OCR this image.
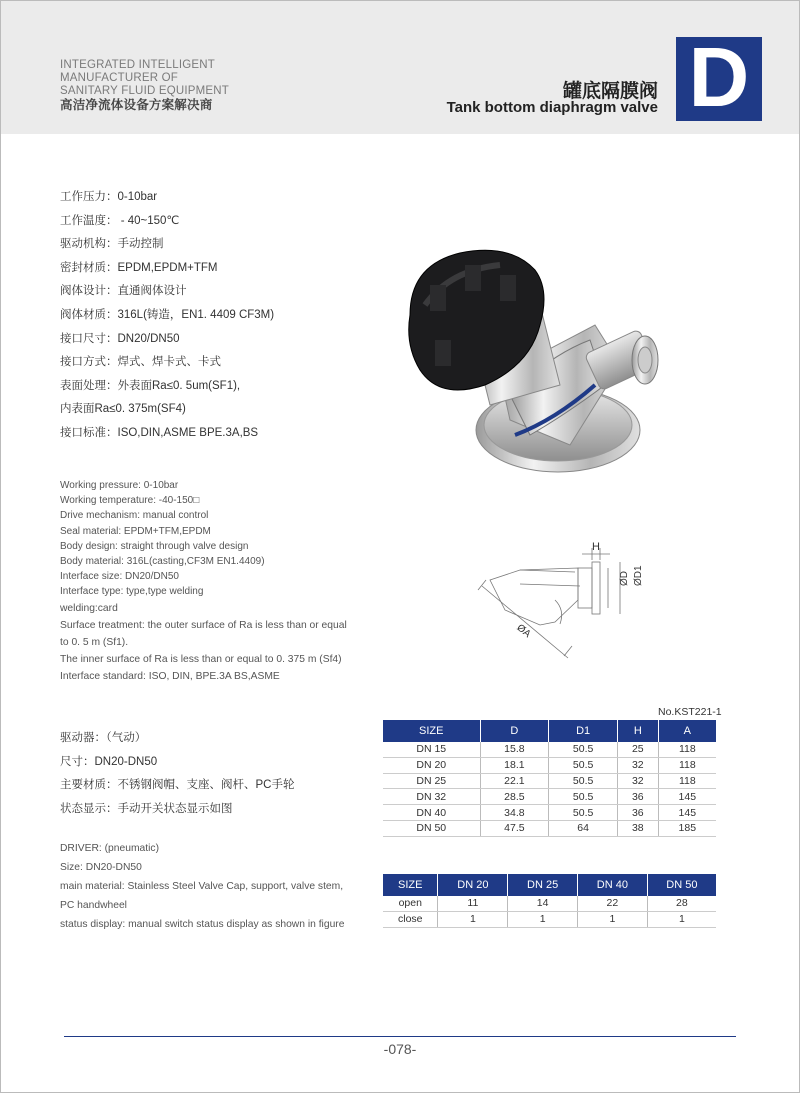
INTEGRATED INTELLIGENT
MANUFACTURER OF
SANITARY FLUID EQUIPMENT
高洁净流体设备方案解决商
罐底隔膜阀
Tank bottom diaphragm valve D
工作压力：0-10bar
工作温度： - 40~150℃
驱动机构：手动控制
密封材质：EPDM,EPDM+TFM
阀体设计：直通阀体设计
阀体材质：316L(铸造，EN1. 4409 CF3M)
接口尺寸：DN20/DN50
接口方式：焊式、焊卡式、卡式
表面处理：外表面Ra≤0. 5um(SF1),
内表面Ra≤0. 375m(SF4)
接口标准：ISO,DIN,ASME BPE.3A,BS
Working pressure: 0-10bar
Working temperature: -40-150□
Drive mechanism: manual control
Seal material: EPDM+TFM,EPDM
Body design: straight through valve design
Body material: 316L(casting,CF3M EN1.4409)
Interface size: DN20/DN50
Interface type: type,type welding
welding:card
Surface treatment: the outer surface of Ra is less than or equal
to 0. 5 m (Sf1).
The inner surface of Ra is less than or equal to 0. 375 m (Sf4)
Interface standard: ISO, DIN, BPE.3A BS,ASME
H
ØD ØD1
ØA
No.KST221-1
SIZE	D	D1	H	A
DN 15	15.8	50.5	25	118
DN 20	18.1	50.5	32	118
DN 25	22.1	50.5	32	118
DN 32	28.5	50.5	36	145
DN 40	34.8	50.5	36	145
DN 50	47.5	64	38	185
驱动器：（气动）
尺寸：DN20-DN50
主要材质：不锈钢阀帽、支座、阀杆、PC手轮
状态显示：手动开关状态显示如图
DRIVER: (pneumatic)
Size: DN20-DN50
main material: Stainless Steel Valve Cap, support, valve stem,
PC handwheel
status display: manual switch status display as shown in figure
SIZE	DN 20	DN 25	DN 40	DN 50
open	11	14	22	28
close	1	1	1	1
-078-
